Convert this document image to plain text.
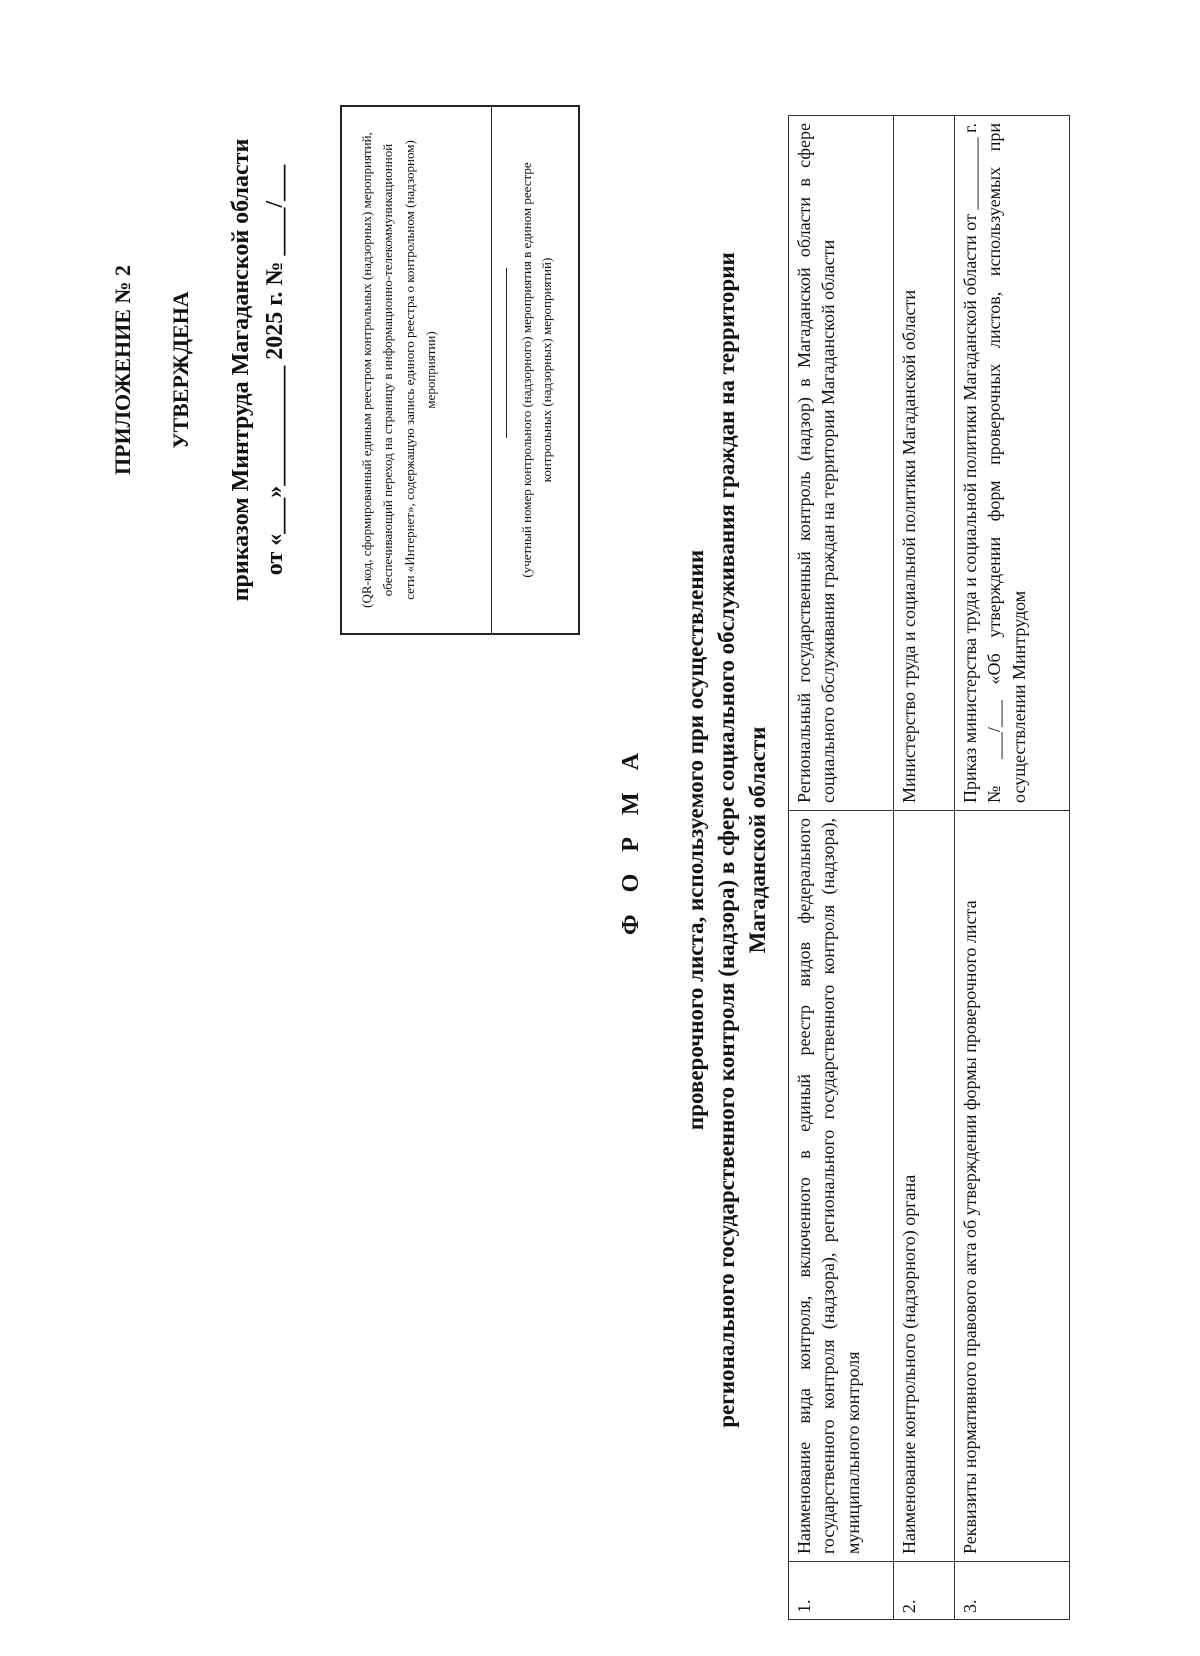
ПРИЛОЖЕНИЕ № 2 УТВЕРЖДЕНА приказом Минтруда Магаданской области от «___»__________ 2025 г. № ____/___	(QR-код, сформированный единым реестром контрольных (надзорных) мероприятий, обеспечивающий переход на страницу в информационно-телекоммуникационной сети «Интернет», содержащую запись единого реестра о контрольном (надзорном) мероприятии)	(учетный номер контрольного (надзорного) мероприятия в едином реестре контрольных (надзорных) мероприятий)
Ф О Р М А проверочного листа, используемого при осуществлении регионального государственного контроля (надзора) в сфере социального обслуживания граждан на территории Магаданской области
1.	Наименование вида контроля, включенного в единый реестр видов федерального государственного контроля (надзора), регионального государственного контроля (надзора), муниципального контроля	Региональный государственный контроль (надзор) в Магаданской области в сфере социального обслуживания граждан на территории Магаданской области
2.	Наименование контрольного (надзорного) органа	Министерство труда и социальной политики Магаданской области
3.	Реквизиты нормативного правового акта об утверждении формы проверочного листа	Приказ министерства труда и социальной политики Магаданской области от ________ г. № ___/___ «Об утверждении форм проверочных листов, используемых при осуществлении Минтрудом
